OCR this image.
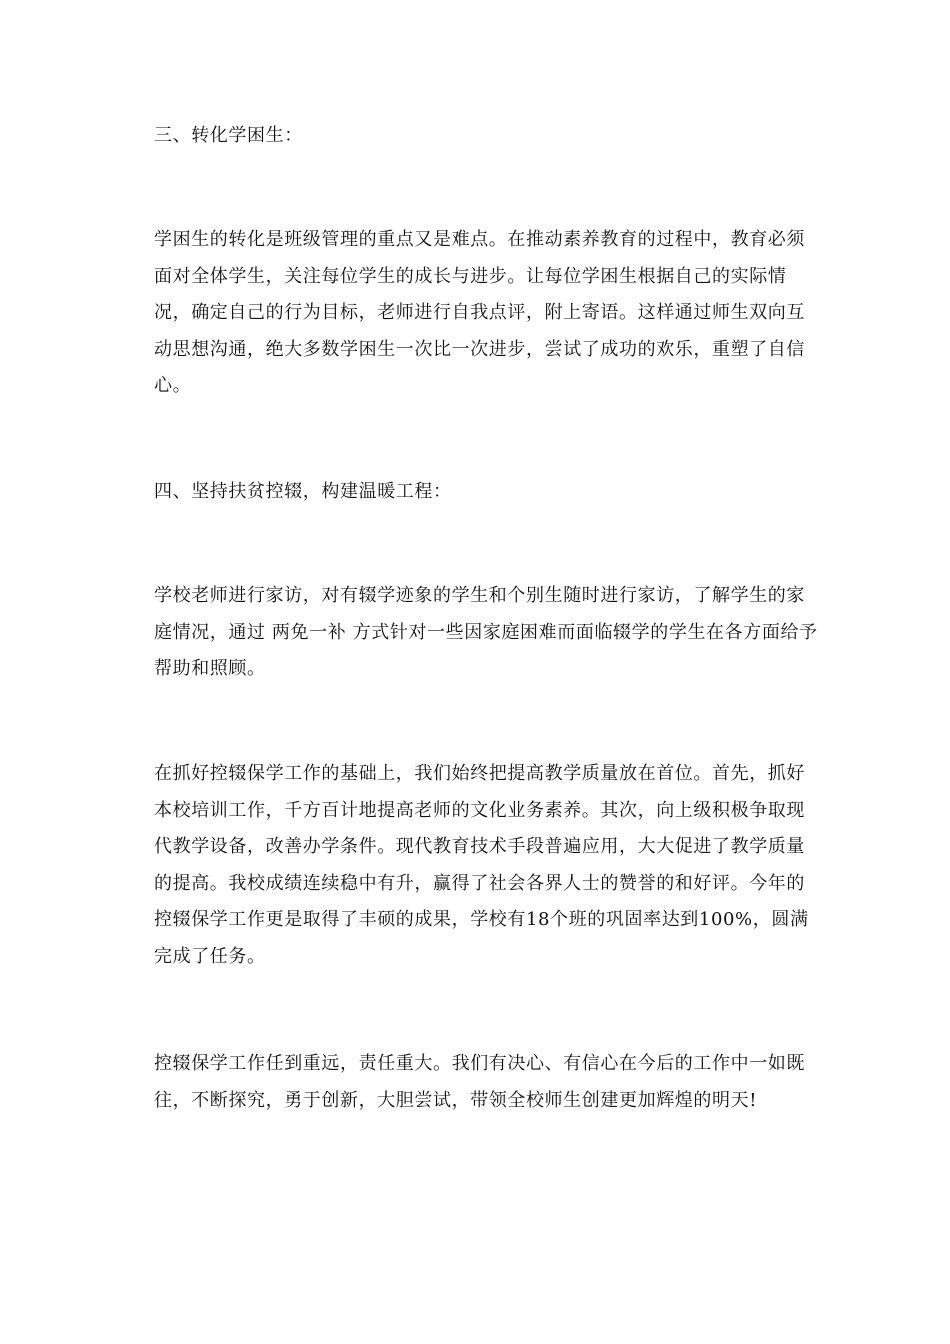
三、转化学困生：

学困生的转化是班级管理的重点又是难点。在推动素养教育的过程中，教育必须面对全体学生，关注每位学生的成长与进步。让每位学困生根据自己的实际情况，确定自己的行为目标，老师进行自我点评，附上寄语。这样通过师生双向互动思想沟通，绝大多数学困生一次比一次进步，尝试了成功的欢乐，重塑了自信心。

四、坚持扶贫控辍，构建温暖工程：

学校老师进行家访，对有辍学迹象的学生和个别生随时进行家访，了解学生的家庭情况，通过 两免一补 方式针对一些因家庭困难而面临辍学的学生在各方面给予帮助和照顾。

在抓好控辍保学工作的基础上，我们始终把提高教学质量放在首位。首先，抓好本校培训工作，千方百计地提高老师的文化业务素养。其次，向上级积极争取现代教学设备，改善办学条件。现代教育技术手段普遍应用，大大促进了教学质量的提高。我校成绩连续稳中有升，赢得了社会各界人士的赞誉的和好评。今年的控辍保学工作更是取得了丰硕的成果，学校有18个班的巩固率达到100%，圆满完成了任务。

控辍保学工作任到重远，责任重大。我们有决心、有信心在今后的工作中一如既往，不断探究，勇于创新，大胆尝试，带领全校师生创建更加辉煌的明天!
